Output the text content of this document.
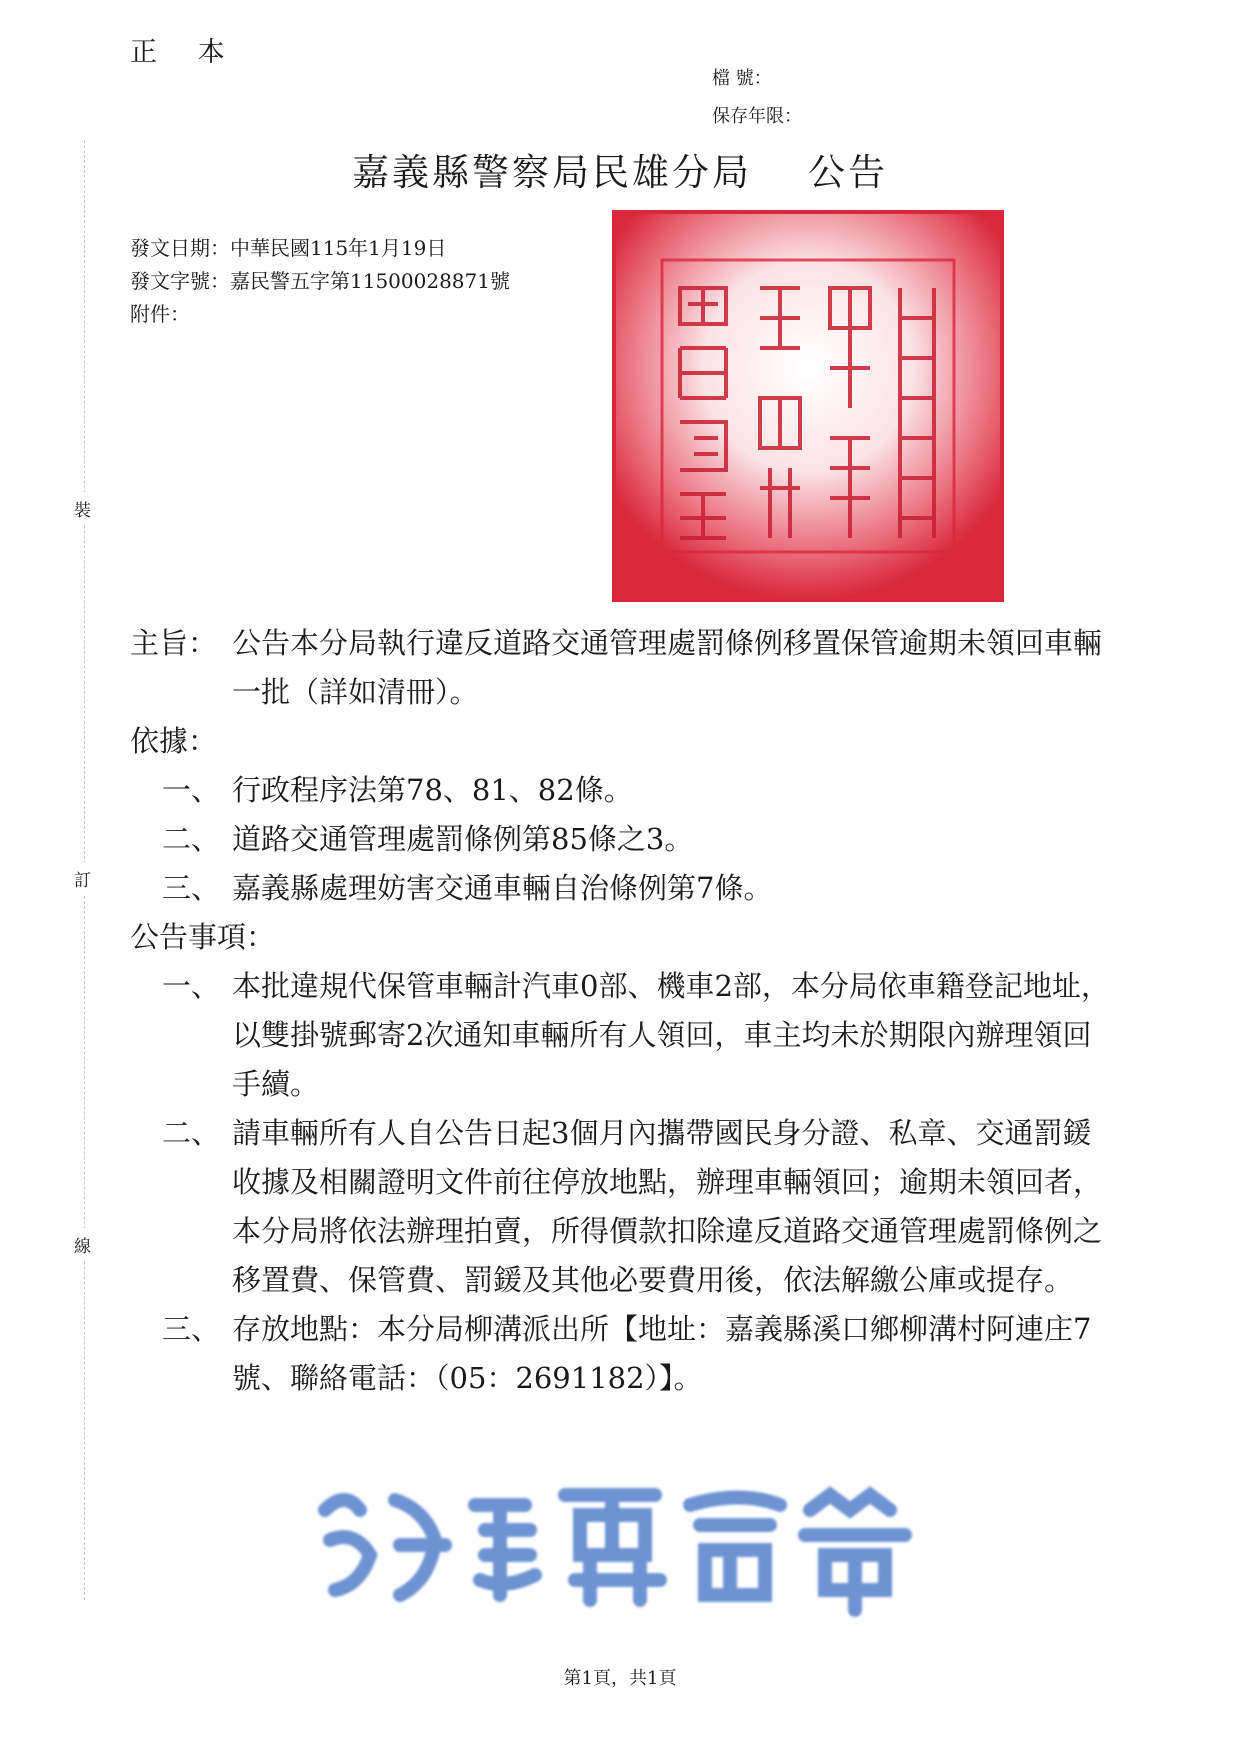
正 本
檔 號：
保存年限：
裝
訂
線
嘉義縣警察局民雄分局 公告
發文日期：中華民國115年1月19日
發文字號：嘉民警五字第11500028871號
附件：
主旨： 公告本分局執行違反道路交通管理處罰條例移置保管逾期未領回車輛一批（詳如清冊）。
依據：
一、 行政程序法第78、81、82條。
二、 道路交通管理處罰條例第85條之3。
三、 嘉義縣處理妨害交通車輛自治條例第7條。
公告事項：
一、 本批違規代保管車輛計汽車0部、機車2部，本分局依車籍登記地址，以雙掛號郵寄2次通知車輛所有人領回，車主均未於期限內辦理領回手續。
二、 請車輛所有人自公告日起3個月內攜帶國民身分證、私章、交通罰鍰收據及相關證明文件前往停放地點，辦理車輛領回；逾期未領回者，本分局將依法辦理拍賣，所得價款扣除違反道路交通管理處罰條例之移置費、保管費、罰鍰及其他必要費用後，依法解繳公庫或提存。
三、 存放地點：本分局柳溝派出所【地址：嘉義縣溪口鄉柳溝村阿連庄7號、聯絡電話：（05：2691182）】。
第1頁，共1頁
